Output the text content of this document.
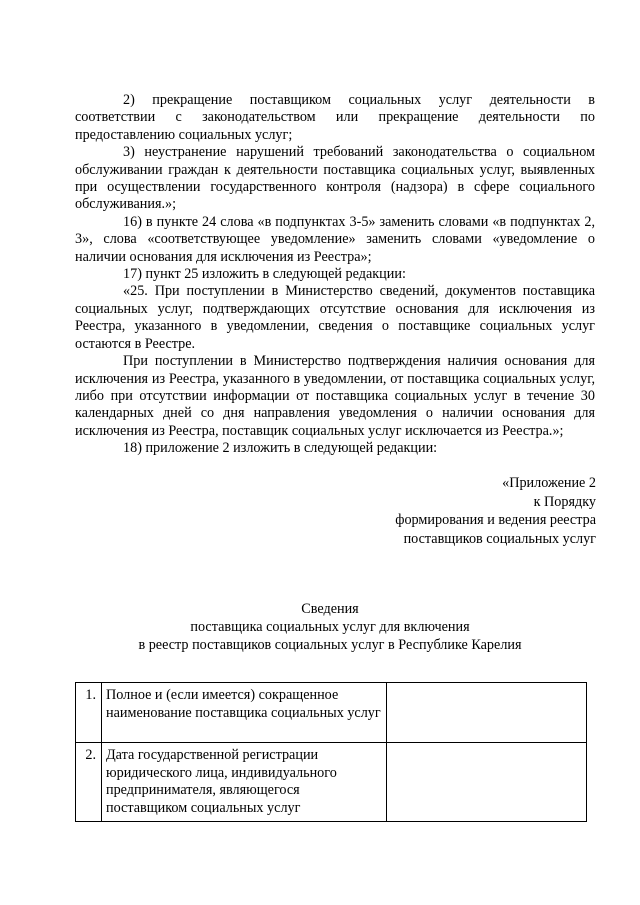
2) прекращение поставщиком социальных услуг деятельности в соответствии с законодательством или прекращение деятельности по предоставлению социальных услуг;

3) неустранение нарушений требований законодательства о социальном обслуживании граждан к деятельности поставщика социальных услуг, выявленных при осуществлении государственного контроля (надзора) в сфере социального обслуживания.»;

16) в пункте 24 слова «в подпунктах 3-5» заменить словами «в подпунктах 2, 3», слова «соответствующее уведомление» заменить словами «уведомление о наличии основания для исключения из Реестра»;

17) пункт 25 изложить в следующей редакции:

«25. При поступлении в Министерство сведений, документов поставщика социальных услуг, подтверждающих отсутствие основания для исключения из Реестра, указанного в уведомлении, сведения о поставщике социальных услуг остаются в Реестре.

При поступлении в Министерство подтверждения наличия основания для исключения из Реестра, указанного в уведомлении, от поставщика социальных услуг, либо при отсутствии информации от поставщика социальных услуг в течение 30 календарных дней со дня направления уведомления о наличии основания для исключения из Реестра, поставщик социальных услуг исключается из Реестра.»;

18) приложение 2 изложить в следующей редакции:

«Приложение 2
к Порядку
формирования и ведения реестра
поставщиков социальных услуг
Сведения
поставщика социальных услуг для включения
в реестр поставщиков социальных услуг в Республике Карелия
1.	Полное и (если имеется) сокращенное наименование поставщика социальных услуг	
2.	Дата государственной регистрации юридического лица, индивидуального предпринимателя, являющегося поставщиком социальных услуг	
